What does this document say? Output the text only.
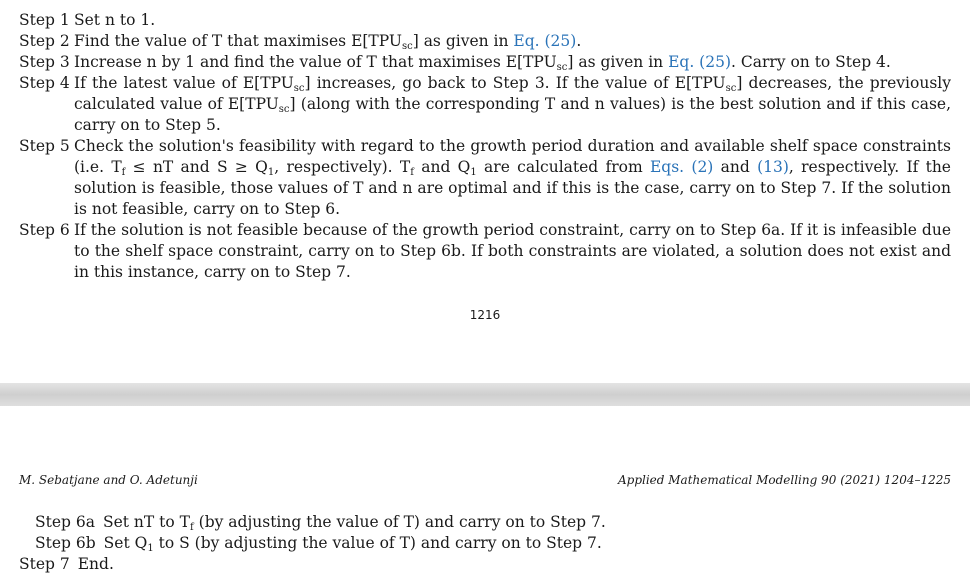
Step 1 Set n to 1.
Step 2 Find the value of T that maximises $E[TPU_{sc}]$ as given in Eq. (25).
Step 3 Increase n by 1 and find the value of T that maximises $E[TPU_{sc}]$ as given in Eq. (25). Carry on to Step 4.
Step 4 If the latest value of $E[TPU_{sc}]$ increases, go back to Step 3. If the value of $E[TPU_{sc}]$ decreases, the previously calculated value of $E[TPU_{sc}]$ (along with the corresponding T and n values) is the best solution and if this case, carry on to Step 5.
Step 5 Check the solution's feasibility with regard to the growth period duration and available shelf space constraints (i.e. $T_f$ ≤ nT and $S \ge Q_1$, respectively). $T_f$ and $Q_1$ are calculated from Eqs. (2) and (13), respectively. If the solution is feasible, those values of T and n are optimal and if this is the case, carry on to Step 7. If the solution is not feasible, carry on to Step 6.
Step 6 If the solution is not feasible because of the growth period constraint, carry on to Step 6a. If it is infeasible due to the shelf space constraint, carry on to Step 6b. If both constraints are violated, a solution does not exist and in this instance, carry on to Step 7.
1216
M. Sebatjane and O. Adetunji	Applied Mathematical Modelling 90 (2021) 1204–1225
Step 6a Set nT to $T_f$ (by adjusting the value of T) and carry on to Step 7.
Step 6b Set $Q_1$ to S (by adjusting the value of T) and carry on to Step 7.
Step 7 End.
